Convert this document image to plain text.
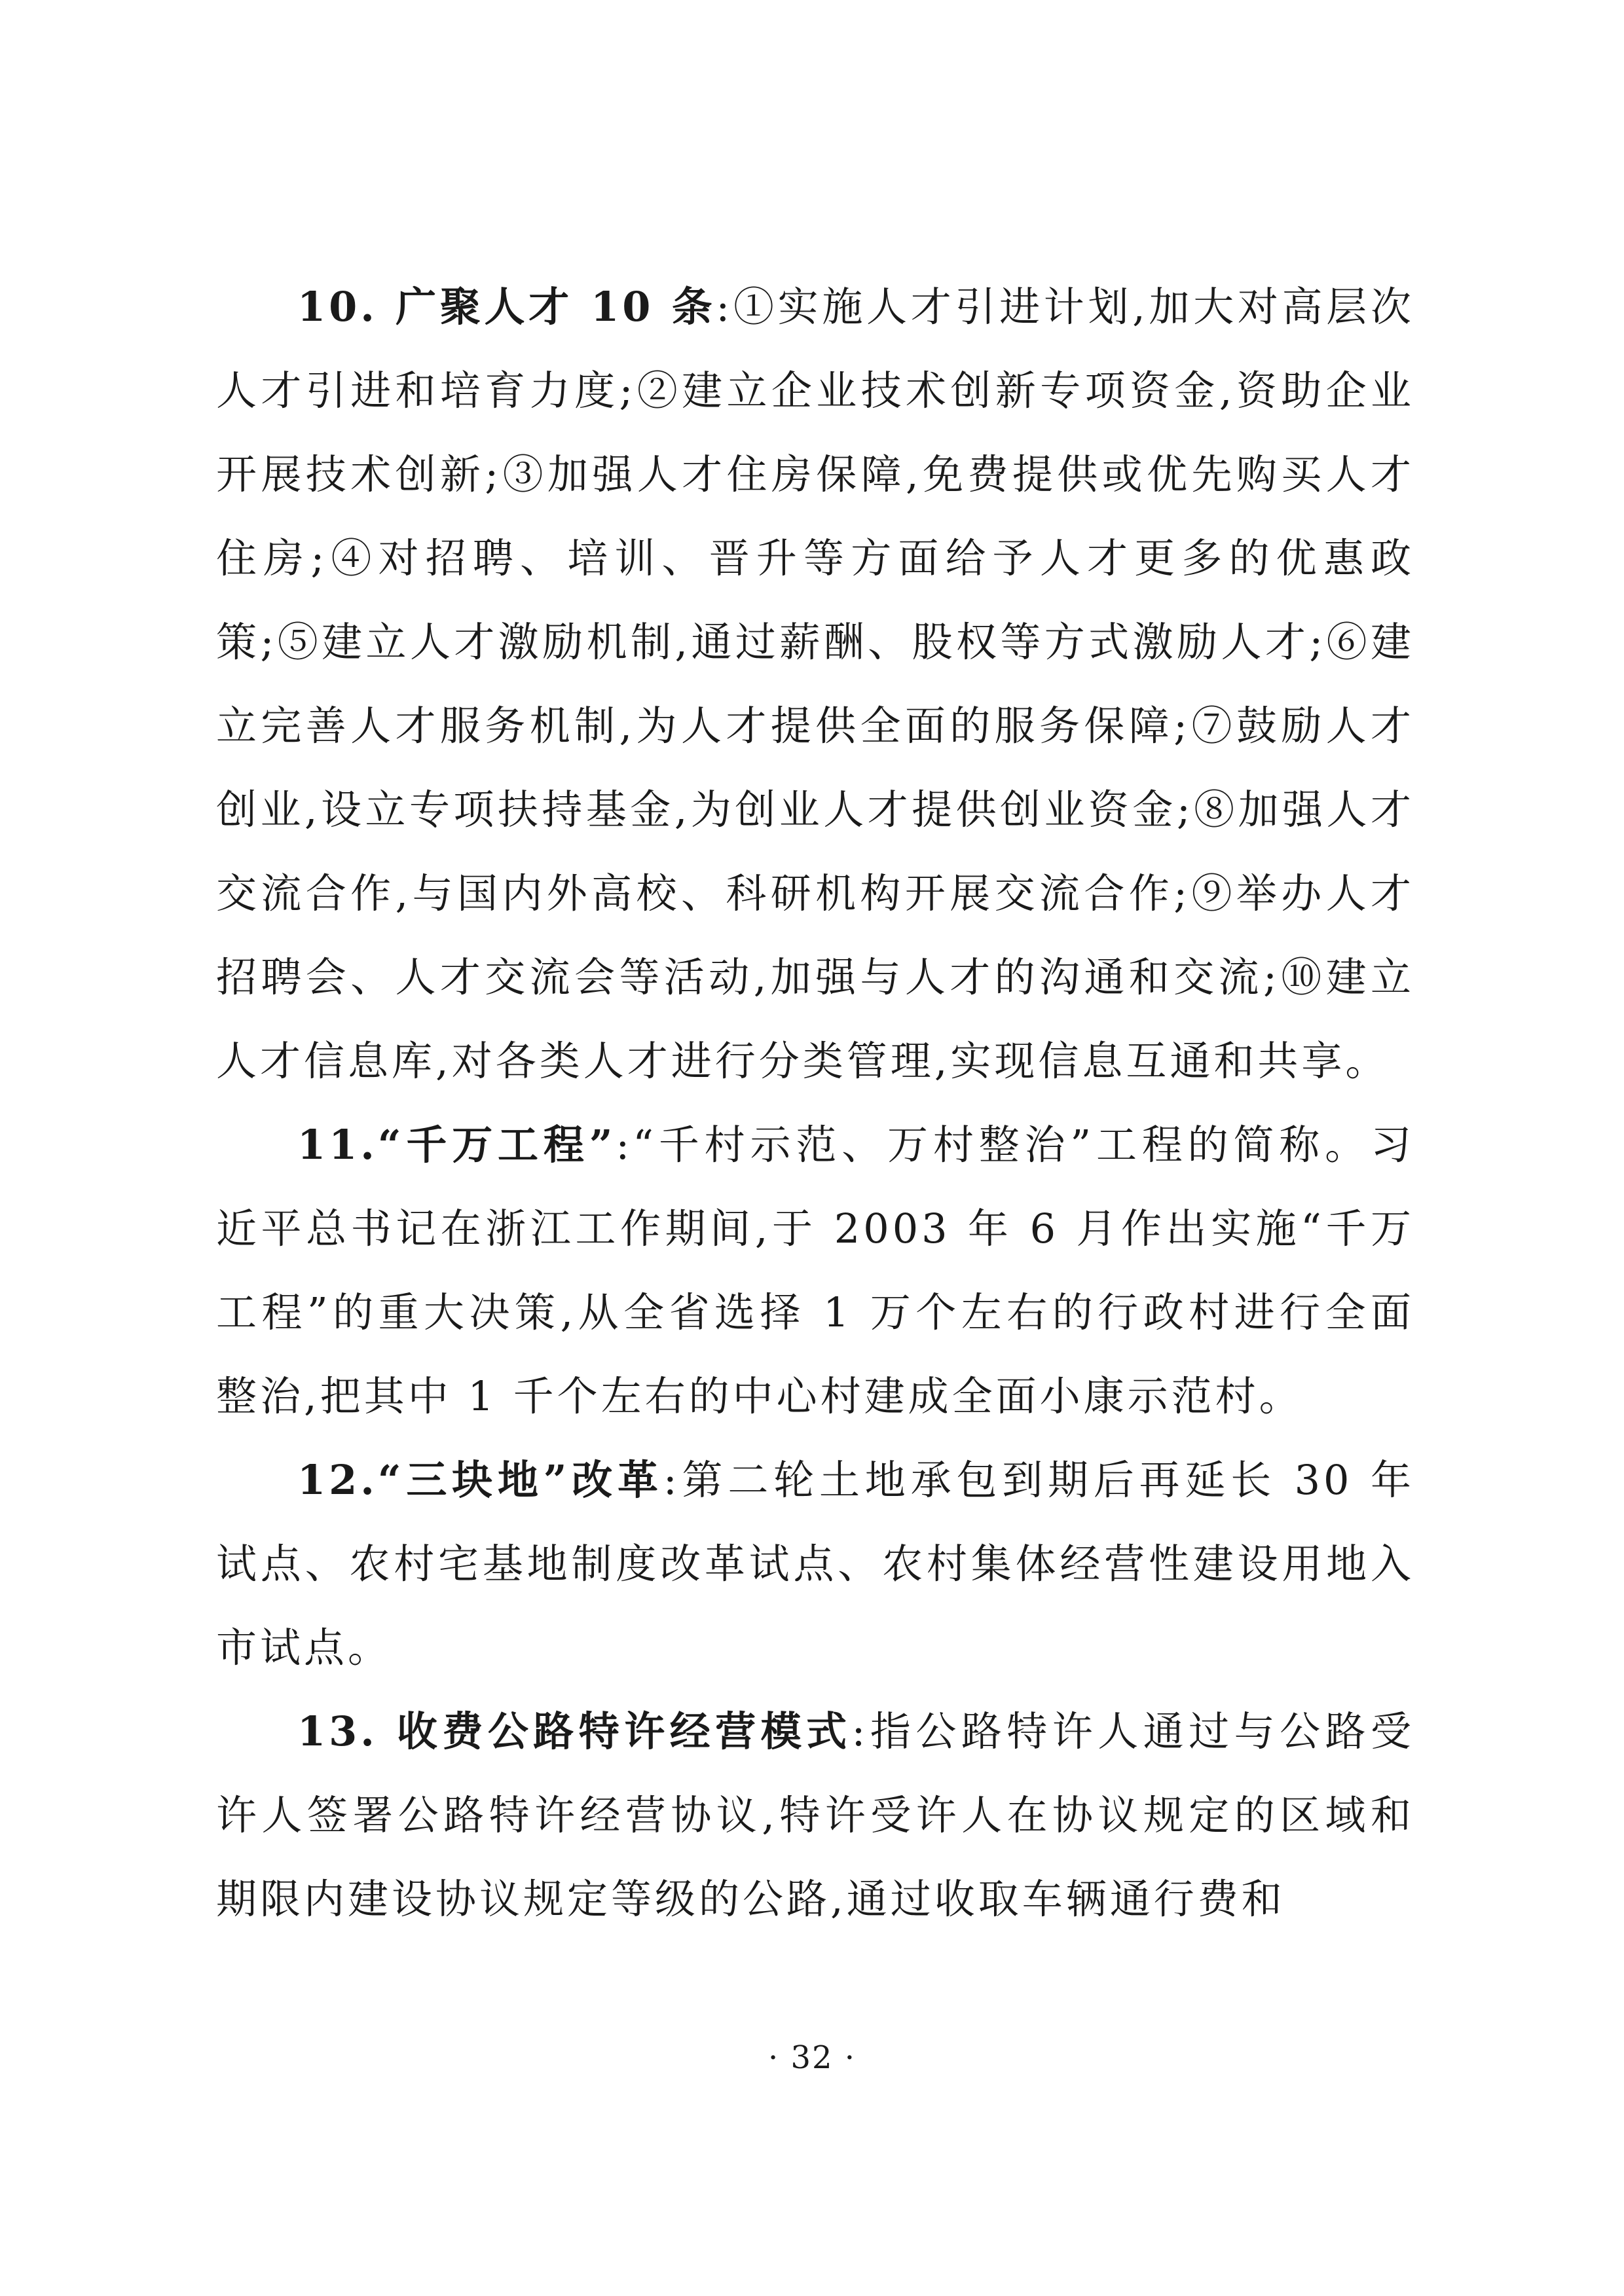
10. 广聚人才 10 条:①实施人才引进计划,加大对高层次人才引进和培育力度;②建立企业技术创新专项资金,资助企业开展技术创新;③加强人才住房保障,免费提供或优先购买人才住房;④对招聘、培训、晋升等方面给予人才更多的优惠政策;⑤建立人才激励机制,通过薪酬、股权等方式激励人才;⑥建立完善人才服务机制,为人才提供全面的服务保障;⑦鼓励人才创业,设立专项扶持基金,为创业人才提供创业资金;⑧加强人才交流合作,与国内外高校、科研机构开展交流合作;⑨举办人才招聘会、人才交流会等活动,加强与人才的沟通和交流;⑩建立人才信息库,对各类人才进行分类管理,实现信息互通和共享。

11.“千万工程”:“千村示范、万村整治”工程的简称。习近平总书记在浙江工作期间,于 2003 年 6 月作出实施“千万工程”的重大决策,从全省选择 1 万个左右的行政村进行全面整治,把其中 1 千个左右的中心村建成全面小康示范村。

12.“三块地”改革:第二轮土地承包到期后再延长 30 年试点、农村宅基地制度改革试点、农村集体经营性建设用地入市试点。

13. 收费公路特许经营模式:指公路特许人通过与公路受许人签署公路特许经营协议,特许受许人在协议规定的区域和期限内建设协议规定等级的公路,通过收取车辆通行费和

· 32 ·
